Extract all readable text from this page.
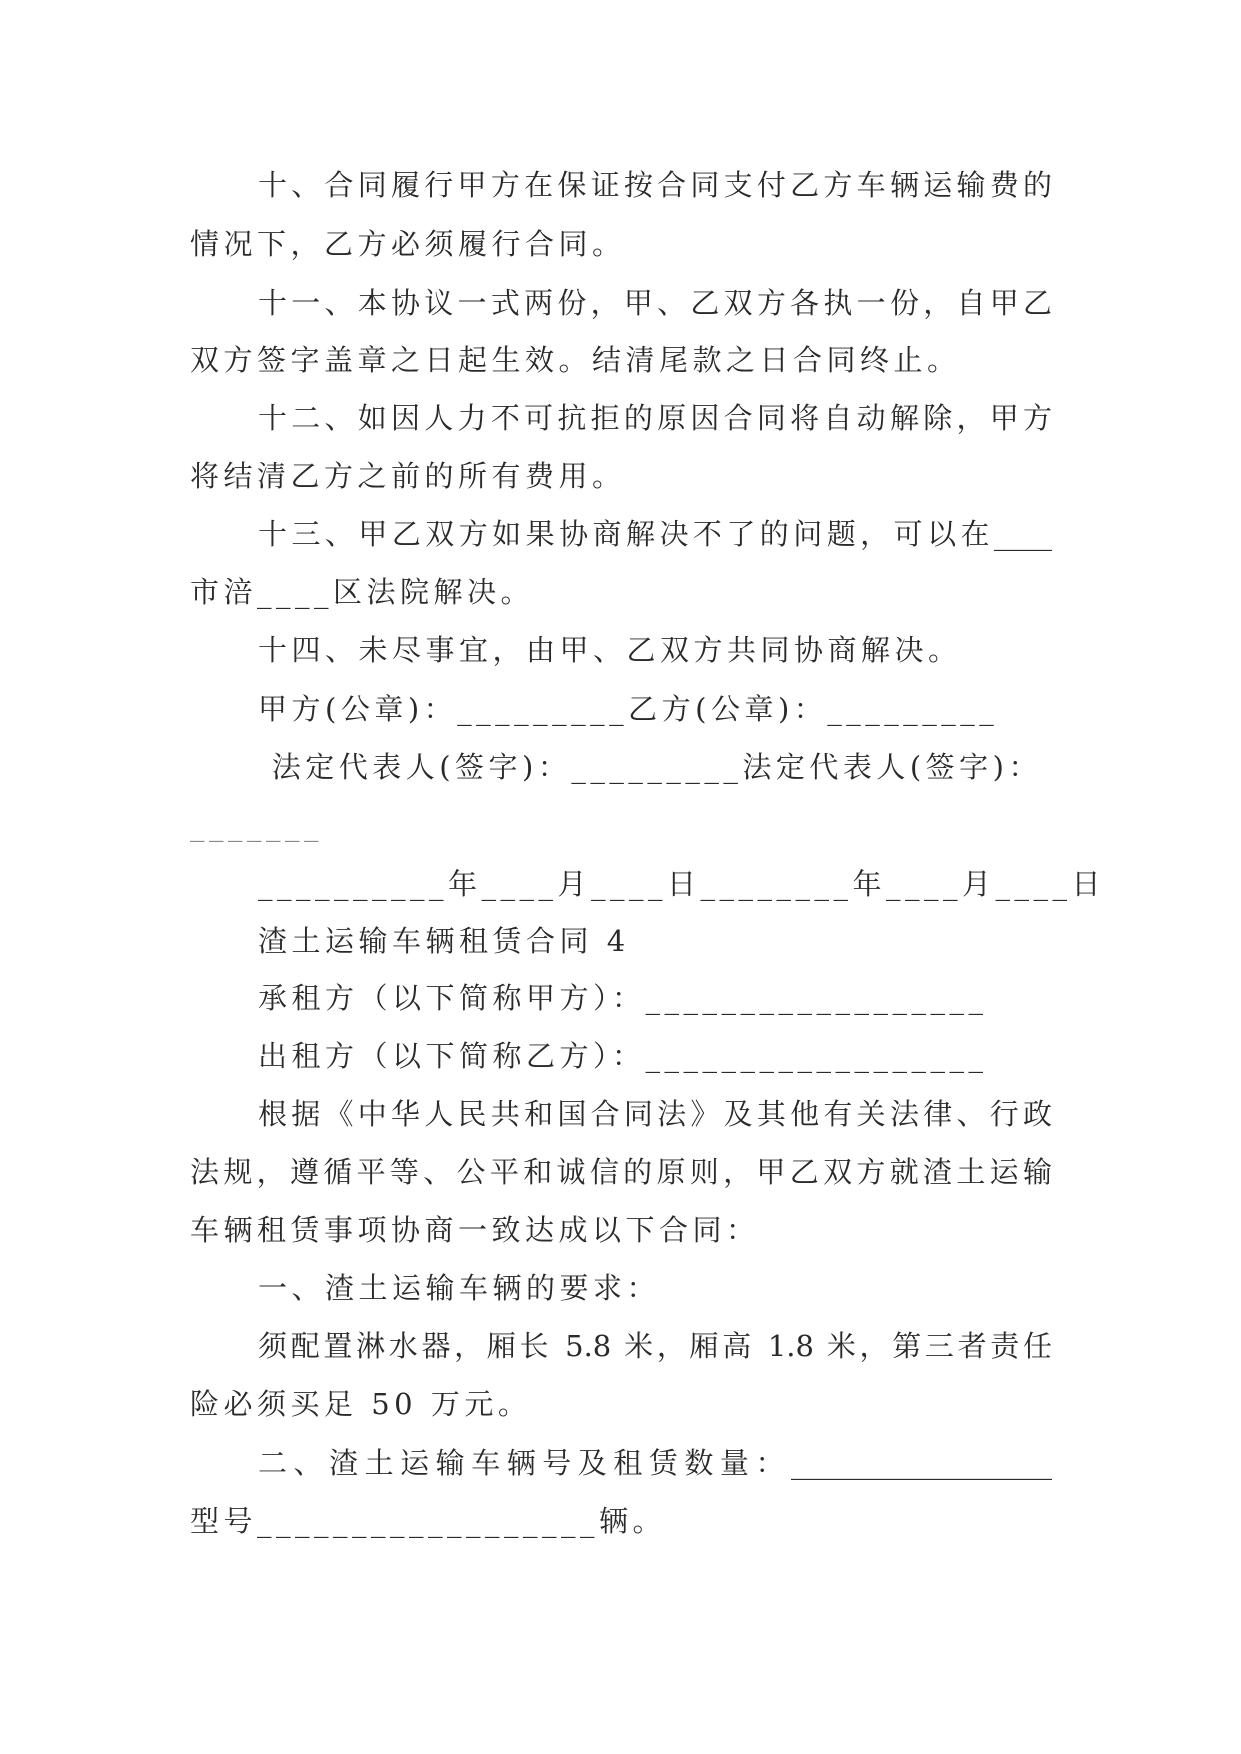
十、合同履行甲方在保证按合同支付乙方车辆运输费的
情况下，乙方必须履行合同。
十一、本协议一式两份，甲、乙双方各执一份，自甲乙
双方签字盖章之日起生效。结清尾款之日合同终止。
十二、如因人力不可抗拒的原因合同将自动解除，甲方
将结清乙方之前的所有费用。
十三、甲乙双方如果协商解决不了的问题，可以在____
市涪____区法院解决。
十四、未尽事宜，由甲、乙双方共同协商解决。
甲方(公章)：_________乙方(公章)：_________
法定代表人(签字)：_________法定代表人(签字)：
_______
__________年____月____日________年____月____日
渣土运输车辆租赁合同 4
承租方（以下简称甲方）：__________________
出租方（以下简称乙方）：__________________
根据《中华人民共和国合同法》及其他有关法律、行政
法规，遵循平等、公平和诚信的原则，甲乙双方就渣土运输
车辆租赁事项协商一致达成以下合同：
一、渣土运输车辆的要求：
须配置淋水器，厢长 5.8 米，厢高 1.8 米，第三者责任
险必须买足 50 万元。
二、渣土运输车辆号及租赁数量：__________________
型号__________________辆。
